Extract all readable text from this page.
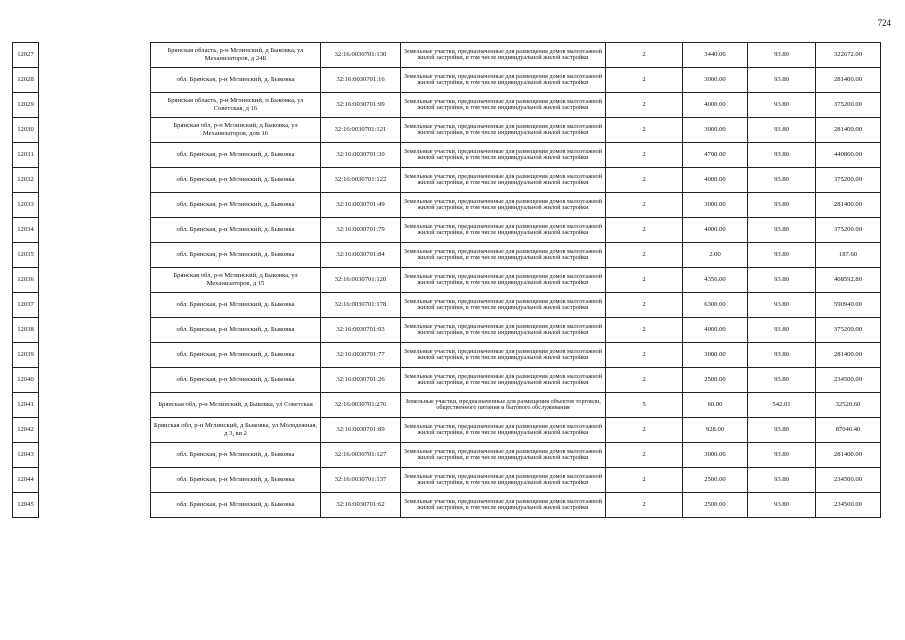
724
12027		Брянская область, р-н Мглинский, д Быковка, ул Механизаторов, д 24Б	32:16:0030701:130	Земельные участки, предназначенные для размещения домов малоэтажной жилой застройки, в том числе индивидуальной жилой застройки	2	3440.00	93.80	322672.00
12028		обл. Брянская, р-н Мглинский, д. Быковка	32:16:0030701:16	Земельные участки, предназначенные для размещения домов малоэтажной жилой застройки, в том числе индивидуальной жилой застройки	2	3000.00	93.80	281400.00
12029		Брянская область, р-н Мглинский, п Быковка, ул Советская, д 16	32:16:0030701:99	Земельные участки, предназначенные для размещения домов малоэтажной жилой застройки, в том числе индивидуальной жилой застройки	2	4000.00	93.80	375200.00
12030		Брянская обл, р-н Мглинский, д Быковка, ул Механизаторов, дом 16	32:16:0030701:121	Земельные участки, предназначенные для размещения домов малоэтажной жилой застройки, в том числе индивидуальной жилой застройки	2	3000.00	93.80	281400.00
12031		обл. Брянская, р-н Мглинский, д. Быковка	32:16:0030701:30	Земельные участки, предназначенные для размещения домов малоэтажной жилой застройки, в том числе индивидуальной жилой застройки	2	4700.00	93.80	440860.00
12032		обл. Брянская, р-н Мглинский, д. Быковка	32:16:0030701:122	Земельные участки, предназначенные для размещения домов малоэтажной жилой застройки, в том числе индивидуальной жилой застройки	2	4000.00	93.80	375200.00
12033		обл. Брянская, р-н Мглинский, д. Быковка	32:16:0030701:49	Земельные участки, предназначенные для размещения домов малоэтажной жилой застройки, в том числе индивидуальной жилой застройки	2	3000.00	93.80	281400.00
12034		обл. Брянская, р-н Мглинский, д. Быковка	32:16:0030701:79	Земельные участки, предназначенные для размещения домов малоэтажной жилой застройки, в том числе индивидуальной жилой застройки	2	4000.00	93.80	375200.00
12035		обл. Брянская, р-н Мглинский, д. Быковка	32:16:0030701:84	Земельные участки, предназначенные для размещения домов малоэтажной жилой застройки, в том числе индивидуальной жилой застройки	2	2.00	93.80	187.60
12036		Брянская обл, р-н Мглинский, д Быковка, ул Механизаторов, д 15	32:16:0030701:120	Земельные участки, предназначенные для размещения домов малоэтажной жилой застройки, в том числе индивидуальной жилой застройки	2	4356.00	93.80	408592.80
12037		обл. Брянская, р-н Мглинский, д. Быковка	32:16:0030701:178	Земельные участки, предназначенные для размещения домов малоэтажной жилой застройки, в том числе индивидуальной жилой застройки	2	6300.00	93.80	590940.00
12038		обл. Брянская, р-н Мглинский, д. Быковка	32:16:0030701:93	Земельные участки, предназначенные для размещения домов малоэтажной жилой застройки, в том числе индивидуальной жилой застройки	2	4000.00	93.80	375200.00
12039		обл. Брянская, р-н Мглинский, д. Быковка	32:16:0030701:77	Земельные участки, предназначенные для размещения домов малоэтажной жилой застройки, в том числе индивидуальной жилой застройки	2	3000.00	93.80	281400.00
12040		обл. Брянская, р-н Мглинский, д. Быковка	32:16:0030701:26	Земельные участки, предназначенные для размещения домов малоэтажной жилой застройки, в том числе индивидуальной жилой застройки	2	2500.00	93.80	234500.00
12041		Брянская обл, р-н Мглинский, д Быковка, ул Советская	32:16:0030701:276	Земельные участки, предназначенные для размещения объектов торговли, общественного питания и бытового обслуживания	5	60.00	542.01	32520.60
12042		Брянская обл, р-н Мглинский, д Быковка, ул Молодежная, д 3, кв 2	32:16:0030701:89	Земельные участки, предназначенные для размещения домов малоэтажной жилой застройки, в том числе индивидуальной жилой застройки	2	928.00	93.80	87046.40
12043		обл. Брянская, р-н Мглинский, д. Быковка	32:16:0030701:127	Земельные участки, предназначенные для размещения домов малоэтажной жилой застройки, в том числе индивидуальной жилой застройки	2	3000.00	93.80	281400.00
12044		обл. Брянская, р-н Мглинский, д. Быковка	32:16:0030701:137	Земельные участки, предназначенные для размещения домов малоэтажной жилой застройки, в том числе индивидуальной жилой застройки	2	2500.00	93.80	234500.00
12045		обл. Брянская, р-н Мглинский, д. Быковка	32:16:0030701:62	Земельные участки, предназначенные для размещения домов малоэтажной жилой застройки, в том числе индивидуальной жилой застройки	2	2500.00	93.80	234500.00
